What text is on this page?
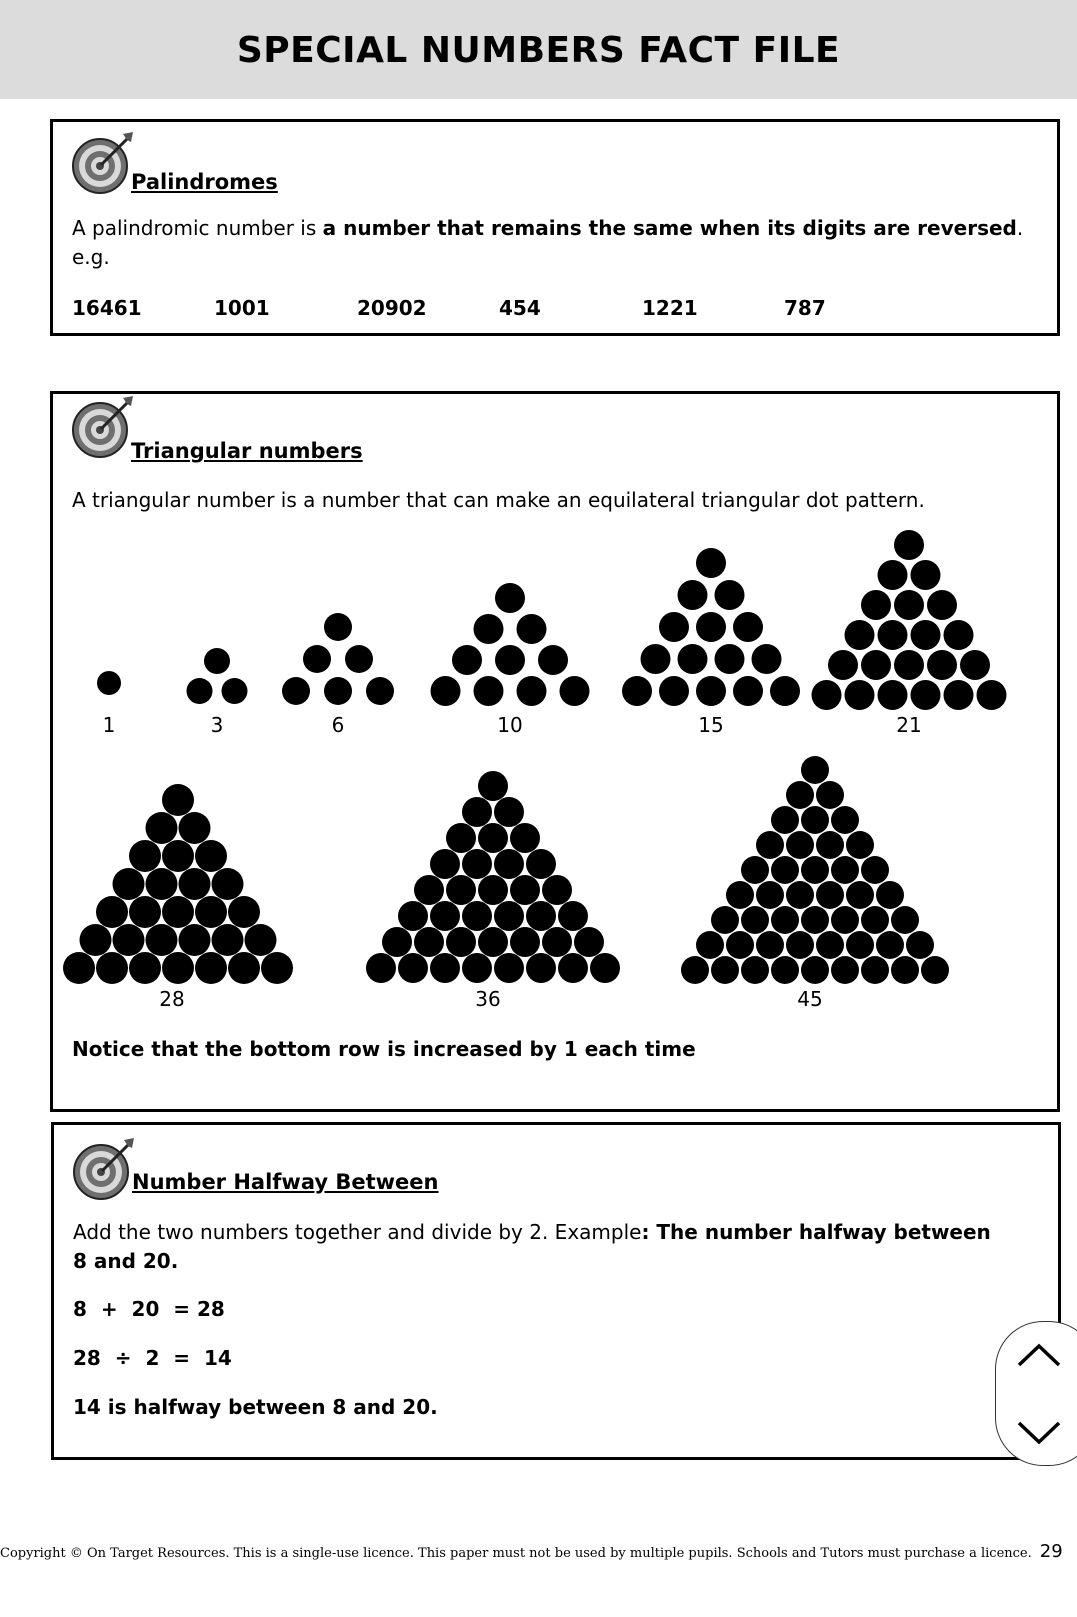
SPECIAL NUMBERS FACT FILE
Palindromes
A palindromic number is a number that remains the same when its digits are reversed.
e.g.
16461	1001	20902	454	1221	787
Triangular numbers
A triangular number is a number that can make an equilateral triangular dot pattern.
1	3	6	10	15	21
28	36	45
Notice that the bottom row is increased by 1 each time
Number Halfway Between
Add the two numbers together and divide by 2. Example: The number halfway between 8 and 20.
8  +  20  = 28
28  ÷  2  =  14
14 is halfway between 8 and 20.
Copyright © On Target Resources. This is a single-use licence. This paper must not be used by multiple pupils. Schools and Tutors must purchase a licence. 29
